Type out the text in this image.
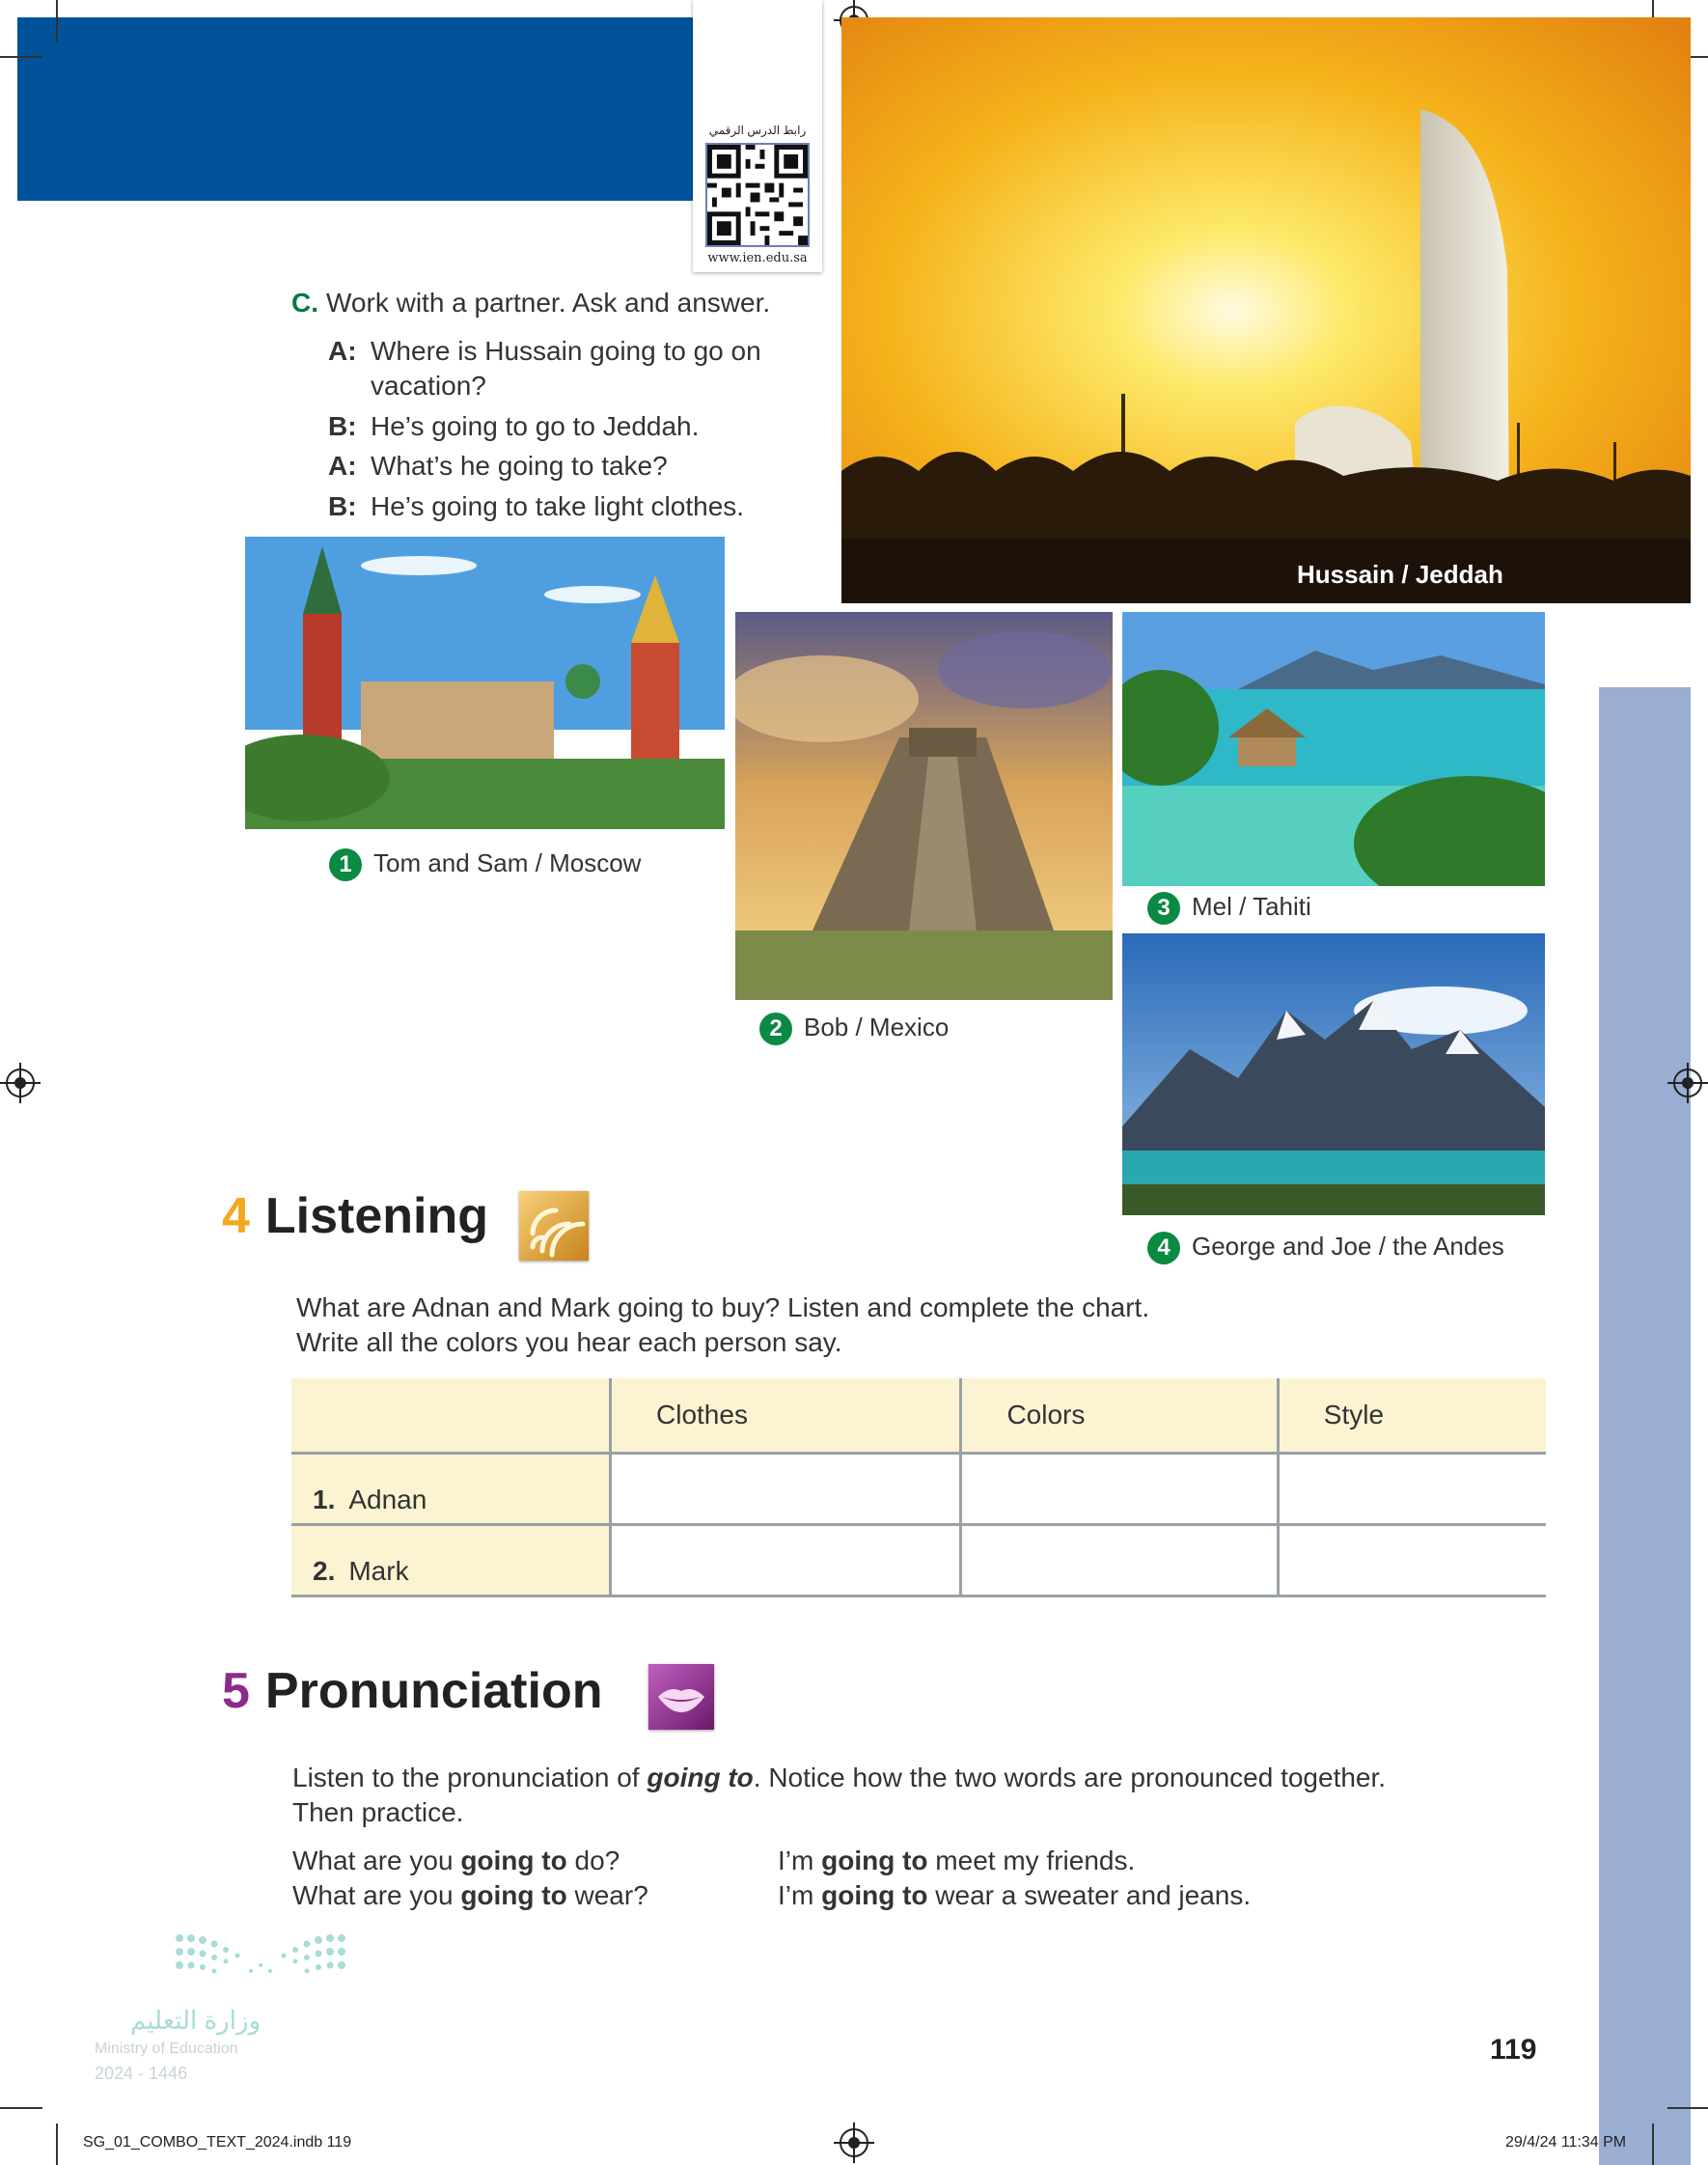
رابط الدرس الرقمي
www.ien.edu.sa
C. Work with a partner. Ask and answer.
A: Where is Hussain going to go on
vacation?
B: He’s going to go to Jeddah.
A: What’s he going to take?
B: He’s going to take light clothes.
Hussain / Jeddah
1 Tom and Sam / Moscow
2 Bob / Mexico
3 Mel / Tahiti
4 George and Joe / the Andes
4 Listening
What are Adnan and Mark going to buy? Listen and complete the chart.
Write all the colors you hear each person say.
	Clothes	Colors	Style
1. Adnan			
2. Mark			
5 Pronunciation
Listen to the pronunciation of going to. Notice how the two words are pronounced together.
Then practice.
What are you going to do?
What are you going to wear?
I’m going to meet my friends.
I’m going to wear a sweater and jeans.
وزارة التعليم
Ministry of Education
2024 - 1446
119
SG_01_COMBO_TEXT_2024.indb 119	29/4/24 11:34 PM
